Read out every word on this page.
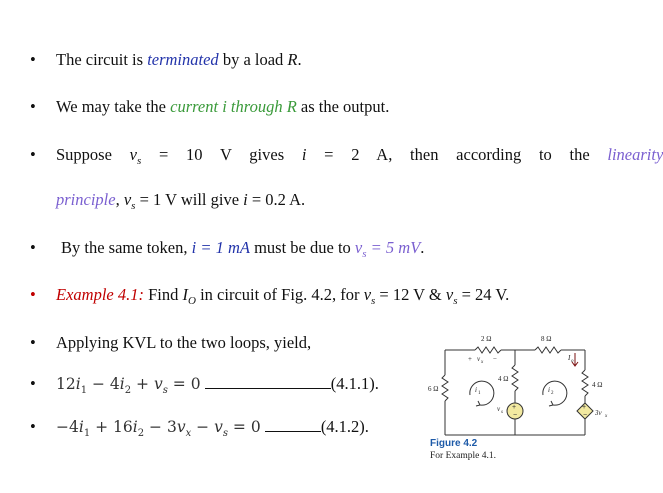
• The circuit is terminated by a load R.
• We may take the current i through R as the output.
• Suppose $v_s = 10$ V gives i = 2 A, then according to the linearity
principle, $v_s = 1$ V will give i = 0.2 A.
• By the same token, i = 1 mA must be due to $v_s = 5$ mV.
• Example 4.1: Find $I_O$ in circuit of Fig. 4.2, for $v_s = 12$ V & $v_s = 24$ V.
• Applying KVL to the two loops, yield,
• $12i_1 - 4i_2 + v_s = 0$	(4.1.1).
• $-4i_1 + 16i_2 - 3v_x - v_s = 0$	(4.1.2).
2 Ω	8 Ω
4 Ω
6 Ω	4 Ω
+ v x −
i 1	i 2
v s
I o
3v x
+
−
+
−
Figure 4.2
For Example 4.1.
